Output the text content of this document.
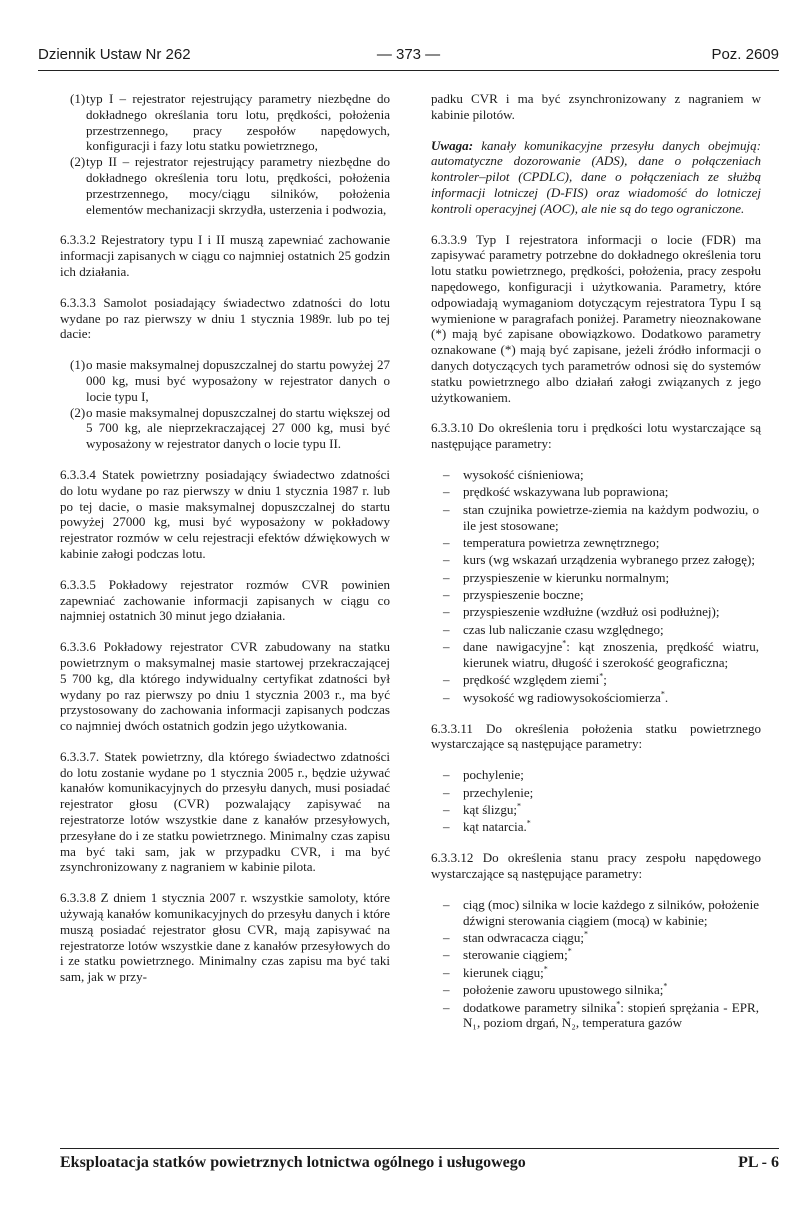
Dziennik Ustaw Nr 262	— 373 —	Poz. 2609
(1) typ I – rejestrator rejestrujący parametry niezbędne do dokładnego określania toru lotu, prędkości, położenia przestrzennego, pracy zespołów napędowych, konfiguracji i fazy lotu statku powietrznego,
(2) typ II – rejestrator rejestrujący parametry niezbędne do dokładnego określenia toru lotu, prędkości, położenia przestrzennego, mocy/ciągu silników, położenia elementów mechanizacji skrzydła, usterzenia i podwozia,

6.3.3.2 Rejestratory typu I i II muszą zapewniać zachowanie informacji zapisanych w ciągu co najmniej ostatnich 25 godzin ich działania.

6.3.3.3 Samolot posiadający świadectwo zdatności do lotu wydane po raz pierwszy w dniu 1 stycznia 1989r. lub po tej dacie:

(1) o masie maksymalnej dopuszczalnej do startu powyżej 27 000 kg, musi być wyposażony w rejestrator danych o locie typu I,
(2) o masie maksymalnej dopuszczalnej do startu większej od 5 700 kg, ale nieprzekraczającej 27 000 kg, musi być wyposażony w rejestrator danych o locie typu II.

6.3.3.4 Statek powietrzny posiadający świadectwo zdatności do lotu wydane po raz pierwszy w dniu 1 stycznia 1987 r. lub po tej dacie, o masie maksymalnej dopuszczalnej do startu powyżej 27000 kg, musi być wyposażony w pokładowy rejestrator rozmów w celu rejestracji efektów dźwiękowych w kabinie załogi podczas lotu.

6.3.3.5 Pokładowy rejestrator rozmów CVR powinien zapewniać zachowanie informacji zapisanych w ciągu co najmniej ostatnich 30 minut jego działania.

6.3.3.6 Pokładowy rejestrator CVR zabudowany na statku powietrznym o maksymalnej masie startowej przekraczającej 5 700 kg, dla którego indywidualny certyfikat zdatności był wydany po raz pierwszy po dniu 1 stycznia 2003 r., ma być przystosowany do zachowania informacji zapisanych podczas co najmniej dwóch ostatnich godzin jego użytkowania.

6.3.3.7. Statek powietrzny, dla którego świadectwo zdatności do lotu zostanie wydane po 1 stycznia 2005 r., będzie używać kanałów komunikacyjnych do przesyłu danych, musi posiadać rejestrator głosu (CVR) pozwalający zapisywać na rejestratorze lotów wszystkie dane z kanałów przesyłowych, przesyłane do i ze statku powietrznego. Minimalny czas zapisu ma być taki sam, jak w przypadku CVR, i ma być zsynchronizowany z nagraniem w kabinie pilota.

6.3.3.8 Z dniem 1 stycznia 2007 r. wszystkie samoloty, które używają kanałów komunikacyjnych do przesyłu danych i które muszą posiadać rejestrator głosu CVR, mają zapisywać na rejestratorze lotów wszystkie dane z kanałów przesyłowych do i ze statku powietrznego. Minimalny czas zapisu ma być taki sam, jak w przy-

padku CVR i ma być zsynchronizowany z nagraniem w kabinie pilotów.

Uwaga: kanały komunikacyjne przesyłu danych obejmują: automatyczne dozorowanie (ADS), dane o połączeniach kontroler–pilot (CPDLC), dane o połączeniach ze służbą informacji lotniczej (D-FIS) oraz wiadomość do lotniczej kontroli operacyjnej (AOC), ale nie są do tego ograniczone.

6.3.3.9 Typ I rejestratora informacji o locie (FDR) ma zapisywać parametry potrzebne do dokładnego określenia toru lotu statku powietrznego, prędkości, położenia, pracy zespołu napędowego, konfiguracji i użytkowania. Parametry, które odpowiadają wymaganiom dotyczącym rejestratora Typu I są wymienione w paragrafach poniżej. Parametry nieoznakowane (*) mają być zapisane obowiązkowo. Dodatkowo parametry oznakowane (*) mają być zapisane, jeżeli źródło informacji o danych dotyczących tych parametrów odnosi się do systemów statku powietrznego albo działań załogi związanych z jego użytkowaniem.

6.3.3.10 Do określenia toru i prędkości lotu wystarczające są następujące parametry:

– wysokość ciśnieniowa;
– prędkość wskazywana lub poprawiona;
– stan czujnika powietrze-ziemia na każdym podwoziu, o ile jest stosowane;
– temperatura powietrza zewnętrznego;
– kurs (wg wskazań urządzenia wybranego przez załogę);
– przyspieszenie w kierunku normalnym;
– przyspieszenie boczne;
– przyspieszenie wzdłużne (wzdłuż osi podłużnej);
– czas lub naliczanie czasu względnego;
– dane nawigacyjne*: kąt znoszenia, prędkość wiatru, kierunek wiatru, długość i szerokość geograficzna;
– prędkość względem ziemi*;
– wysokość wg radiowysokościomierza*.

6.3.3.11 Do określenia położenia statku powietrznego wystarczające są następujące parametry:

– pochylenie;
– przechylenie;
– kąt ślizgu;*
– kąt natarcia.*

6.3.3.12 Do określenia stanu pracy zespołu napędowego wystarczające są następujące parametry:

– ciąg (moc) silnika w locie każdego z silników, położenie dźwigni sterowania ciągiem (mocą) w kabinie;
– stan odwracacza ciągu;*
– sterowanie ciągiem;*
– kierunek ciągu;*
– położenie zaworu upustowego silnika;*
– dodatkowe parametry silnika*: stopień sprężania - EPR, N₁, poziom drgań, N₂, temperatura gazów
Eksploatacja statków powietrznych lotnictwa ogólnego i usługowego	PL - 6
